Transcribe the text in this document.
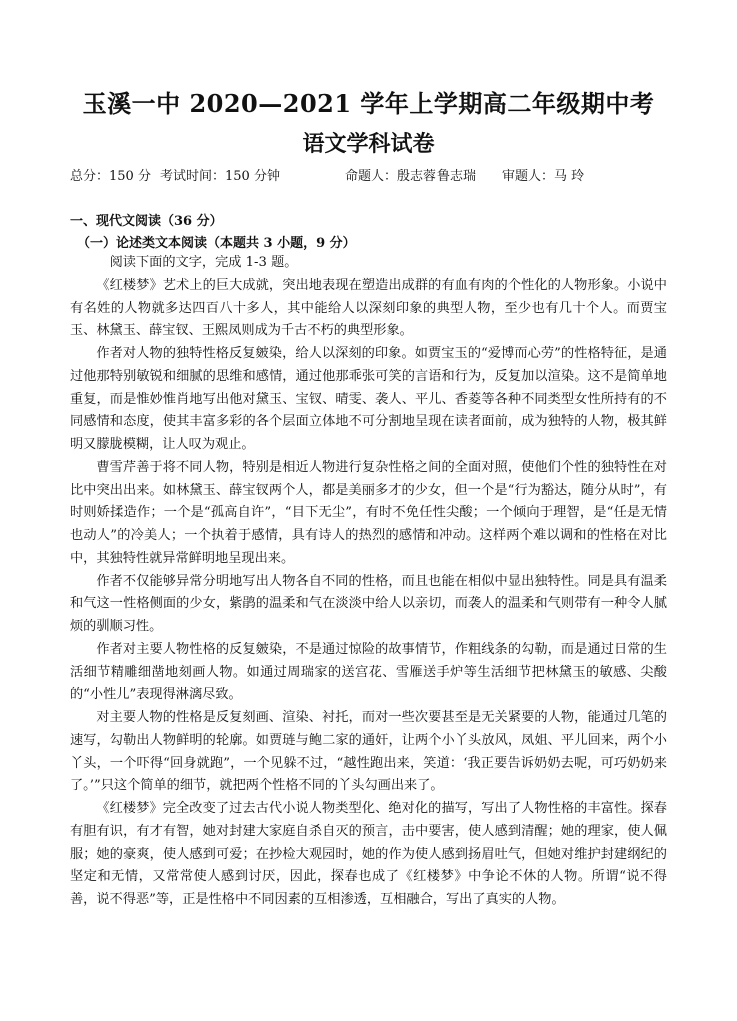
玉溪一中 2020—2021 学年上学期高二年级期中考
语文学科试卷
总分：150 分 考试时间：150 分钟	命题人：殷志蓉 鲁志瑞	审题人：马 玲
一、现代文阅读（36 分）
（一）论述类文本阅读（本题共 3 小题，9 分）

阅读下面的文字，完成 1-3 题。

《红楼梦》艺术上的巨大成就，突出地表现在塑造出成群的有血有肉的个性化的人物形象。小说中有名姓的人物就多达四百八十多人，其中能给人以深刻印象的典型人物，至少也有几十个人。而贾宝玉、林黛玉、薛宝钗、王熙凤则成为千古不朽的典型形象。

作者对人物的独特性格反复皴染，给人以深刻的印象。如贾宝玉的“爱博而心劳”的性格特征，是通过他那特别敏锐和细腻的思维和感情，通过他那乖张可笑的言语和行为，反复加以渲染。这不是简单地重复，而是惟妙惟肖地写出他对黛玉、宝钗、晴雯、袭人、平儿、香菱等各种不同类型女性所持有的不同感情和态度，使其丰富多彩的各个层面立体地不可分割地呈现在读者面前，成为独特的人物，极其鲜明又朦胧模糊，让人叹为观止。

曹雪芹善于将不同人物，特别是相近人物进行复杂性格之间的全面对照，使他们个性的独特性在对比中突出出来。如林黛玉、薛宝钗两个人，都是美丽多才的少女，但一个是“行为豁达，随分从时”，有时则娇揉造作；一个是“孤高自许”，“目下无尘”，有时不免任性尖酸；一个倾向于理智，是“任是无情也动人”的冷美人；一个执着于感情，具有诗人的热烈的感情和冲动。这样两个难以调和的性格在对比中，其独特性就异常鲜明地呈现出来。

作者不仅能够异常分明地写出人物各自不同的性格，而且也能在相似中显出独特性。同是具有温柔和气这一性格侧面的少女，紫鹃的温柔和气在淡淡中给人以亲切，而袭人的温柔和气则带有一种令人腻烦的驯顺习性。

作者对主要人物性格的反复皴染，不是通过惊险的故事情节，作粗线条的勾勒，而是通过日常的生活细节精雕细凿地刻画人物。如通过周瑞家的送宫花、雪雁送手炉等生活细节把林黛玉的敏感、尖酸的“小性儿”表现得淋漓尽致。

对主要人物的性格是反复刻画、渲染、衬托，而对一些次要甚至是无关紧要的人物，能通过几笔的速写，勾勒出人物鲜明的轮廓。如贾琏与鲍二家的通奸，让两个小丫头放风，凤姐、平儿回来，两个小丫头，一个吓得“回身就跑”，一个见躲不过，“越性跑出来，笑道：‘我正要告诉奶奶去呢，可巧奶奶来了。’”只这个简单的细节，就把两个性格不同的丫头勾画出来了。

《红楼梦》完全改变了过去古代小说人物类型化、绝对化的描写，写出了人物性格的丰富性。探春有胆有识，有才有智，她对封建大家庭自杀自灭的预言，击中要害，使人感到清醒；她的理家，使人佩服；她的豪爽，使人感到可爱；在抄检大观园时，她的作为使人感到扬眉吐气，但她对维护封建纲纪的坚定和无情，又常常使人感到讨厌，因此，探春也成了《红楼梦》中争论不休的人物。所谓“说不得善，说不得恶”等，正是性格中不同因素的互相渗透，互相融合，写出了真实的人物。
